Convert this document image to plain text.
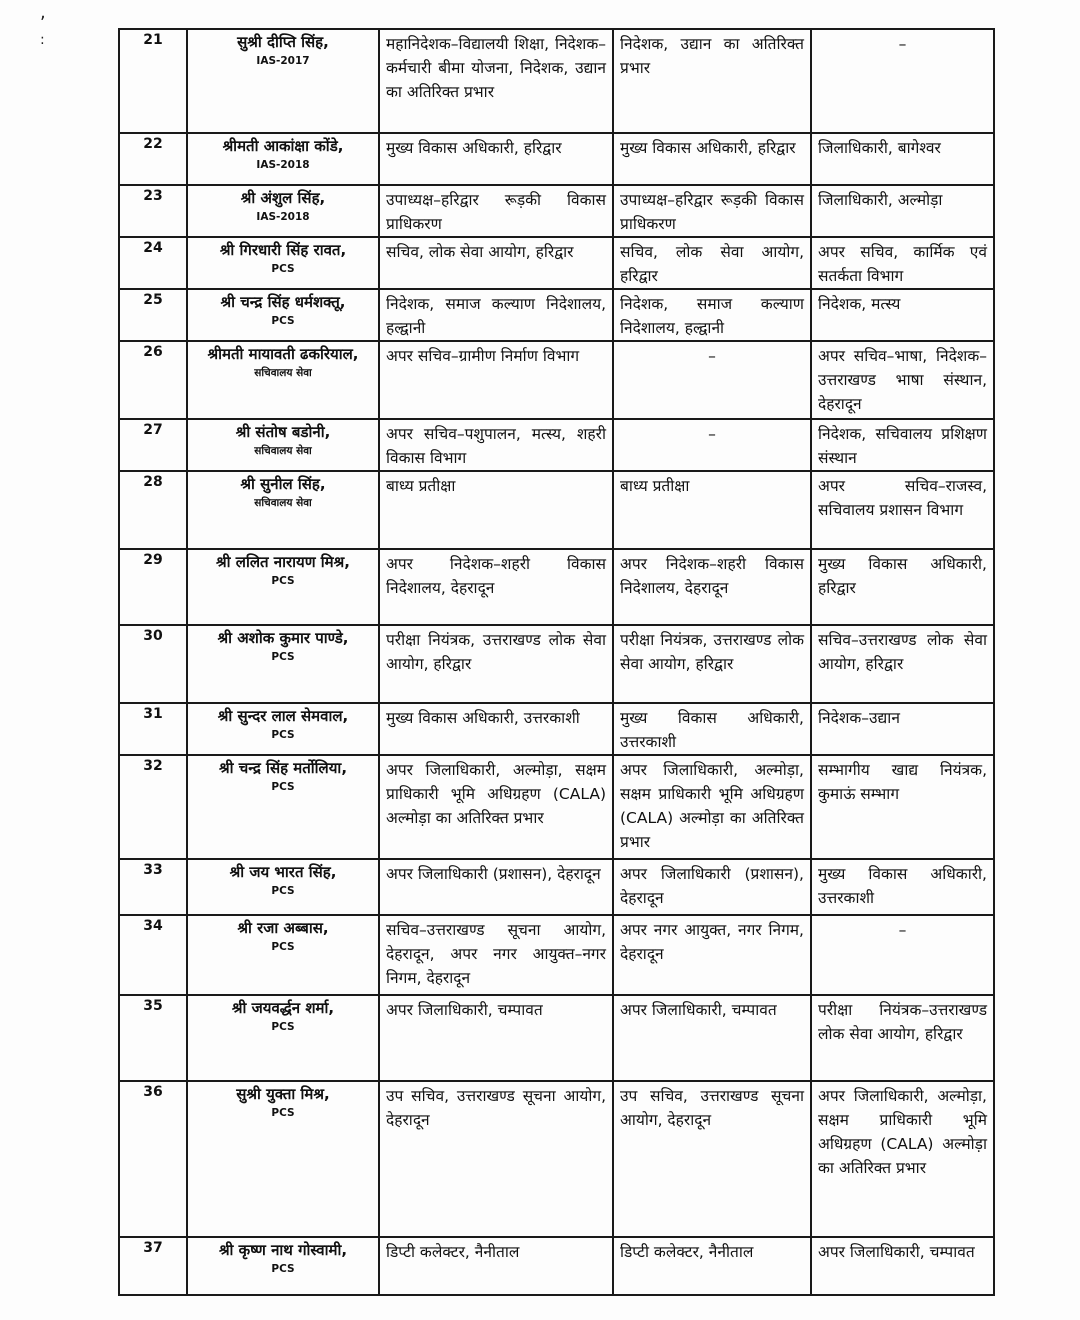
,
:	21	सुश्री दीप्ति सिंह,
IAS-2017	महानिदेशक–विद्यालयी शिक्षा, निदेशक–कर्मचारी बीमा योजना, निदेशक, उद्यान का अतिरिक्त प्रभार	निदेशक, उद्यान का अतिरिक्त प्रभार	–

22	श्रीमती आकांक्षा कोंडे,
IAS-2018	मुख्य विकास अधिकारी, हरिद्वार	मुख्य विकास अधिकारी, हरिद्वार	जिलाधिकारी, बागेश्वर

23	श्री अंशुल सिंह,
IAS-2018	उपाध्यक्ष–हरिद्वार रूड़की विकास प्राधिकरण	उपाध्यक्ष–हरिद्वार रूड़की विकास प्राधिकरण	जिलाधिकारी, अल्मोड़ा

24	श्री गिरधारी सिंह रावत,
PCS	सचिव, लोक सेवा आयोग, हरिद्वार	सचिव, लोक सेवा आयोग, हरिद्वार	अपर सचिव, कार्मिक एवं सतर्कता विभाग

25	श्री चन्द्र सिंह धर्मशक्तू,
PCS	निदेशक, समाज कल्याण निदेशालय, हल्द्वानी	निदेशक, समाज कल्याण निदेशालय, हल्द्वानी	निदेशक, मत्स्य

26	श्रीमती मायावती ढकरियाल,
सचिवालय सेवा	अपर सचिव–ग्रामीण निर्माण विभाग	–	अपर सचिव–भाषा, निदेशक–उत्तराखण्ड भाषा संस्थान, देहरादून

27	श्री संतोष बडोनी,
सचिवालय सेवा	अपर सचिव–पशुपालन, मत्स्य, शहरी विकास विभाग	–	निदेशक, सचिवालय प्रशिक्षण संस्थान

28	श्री सुनील सिंह,
सचिवालय सेवा	बाध्य प्रतीक्षा	बाध्य प्रतीक्षा	अपर सचिव–राजस्व, सचिवालय प्रशासन विभाग

29	श्री ललित नारायण मिश्र,
PCS	अपर निदेशक–शहरी विकास निदेशालय, देहरादून	अपर निदेशक–शहरी विकास निदेशालय, देहरादून	मुख्य विकास अधिकारी, हरिद्वार

30	श्री अशोक कुमार पाण्डे,
PCS	परीक्षा नियंत्रक, उत्तराखण्ड लोक सेवा आयोग, हरिद्वार	परीक्षा नियंत्रक, उत्तराखण्ड लोक सेवा आयोग, हरिद्वार	सचिव–उत्तराखण्ड लोक सेवा आयोग, हरिद्वार

31	श्री सुन्दर लाल सेमवाल,
PCS	मुख्य विकास अधिकारी, उत्तरकाशी	मुख्य विकास अधिकारी, उत्तरकाशी	निदेशक–उद्यान

32	श्री चन्द्र सिंह मर्तोलिया,
PCS	अपर जिलाधिकारी, अल्मोड़ा, सक्षम प्राधिकारी भूमि अधिग्रहण (CALA) अल्मोड़ा का अतिरिक्त प्रभार	अपर जिलाधिकारी, अल्मोड़ा, सक्षम प्राधिकारी भूमि अधिग्रहण (CALA) अल्मोड़ा का अतिरिक्त प्रभार	सम्भागीय खाद्य नियंत्रक, कुमाऊं सम्भाग

33	श्री जय भारत सिंह,
PCS	अपर जिलाधिकारी (प्रशासन), देहरादून	अपर जिलाधिकारी (प्रशासन), देहरादून	मुख्य विकास अधिकारी, उत्तरकाशी

34	श्री रजा अब्बास,
PCS	सचिव–उत्तराखण्ड सूचना आयोग, देहरादून, अपर नगर आयुक्त–नगर निगम, देहरादून	अपर नगर आयुक्त, नगर निगम, देहरादून	–

35	श्री जयवर्द्धन शर्मा,
PCS	अपर जिलाधिकारी, चम्पावत	अपर जिलाधिकारी, चम्पावत	परीक्षा नियंत्रक–उत्तराखण्ड लोक सेवा आयोग, हरिद्वार

36	सुश्री युक्ता मिश्र,
PCS	उप सचिव, उत्तराखण्ड सूचना आयोग, देहरादून	उप सचिव, उत्तराखण्ड सूचना आयोग, देहरादून	अपर जिलाधिकारी, अल्मोड़ा, सक्षम प्राधिकारी भूमि अधिग्रहण (CALA) अल्मोड़ा का अतिरिक्त प्रभार

37	श्री कृष्ण नाथ गोस्वामी,
PCS	डिप्टी कलेक्टर, नैनीताल	डिप्टी कलेक्टर, नैनीताल	अपर जिलाधिकारी, चम्पावत
